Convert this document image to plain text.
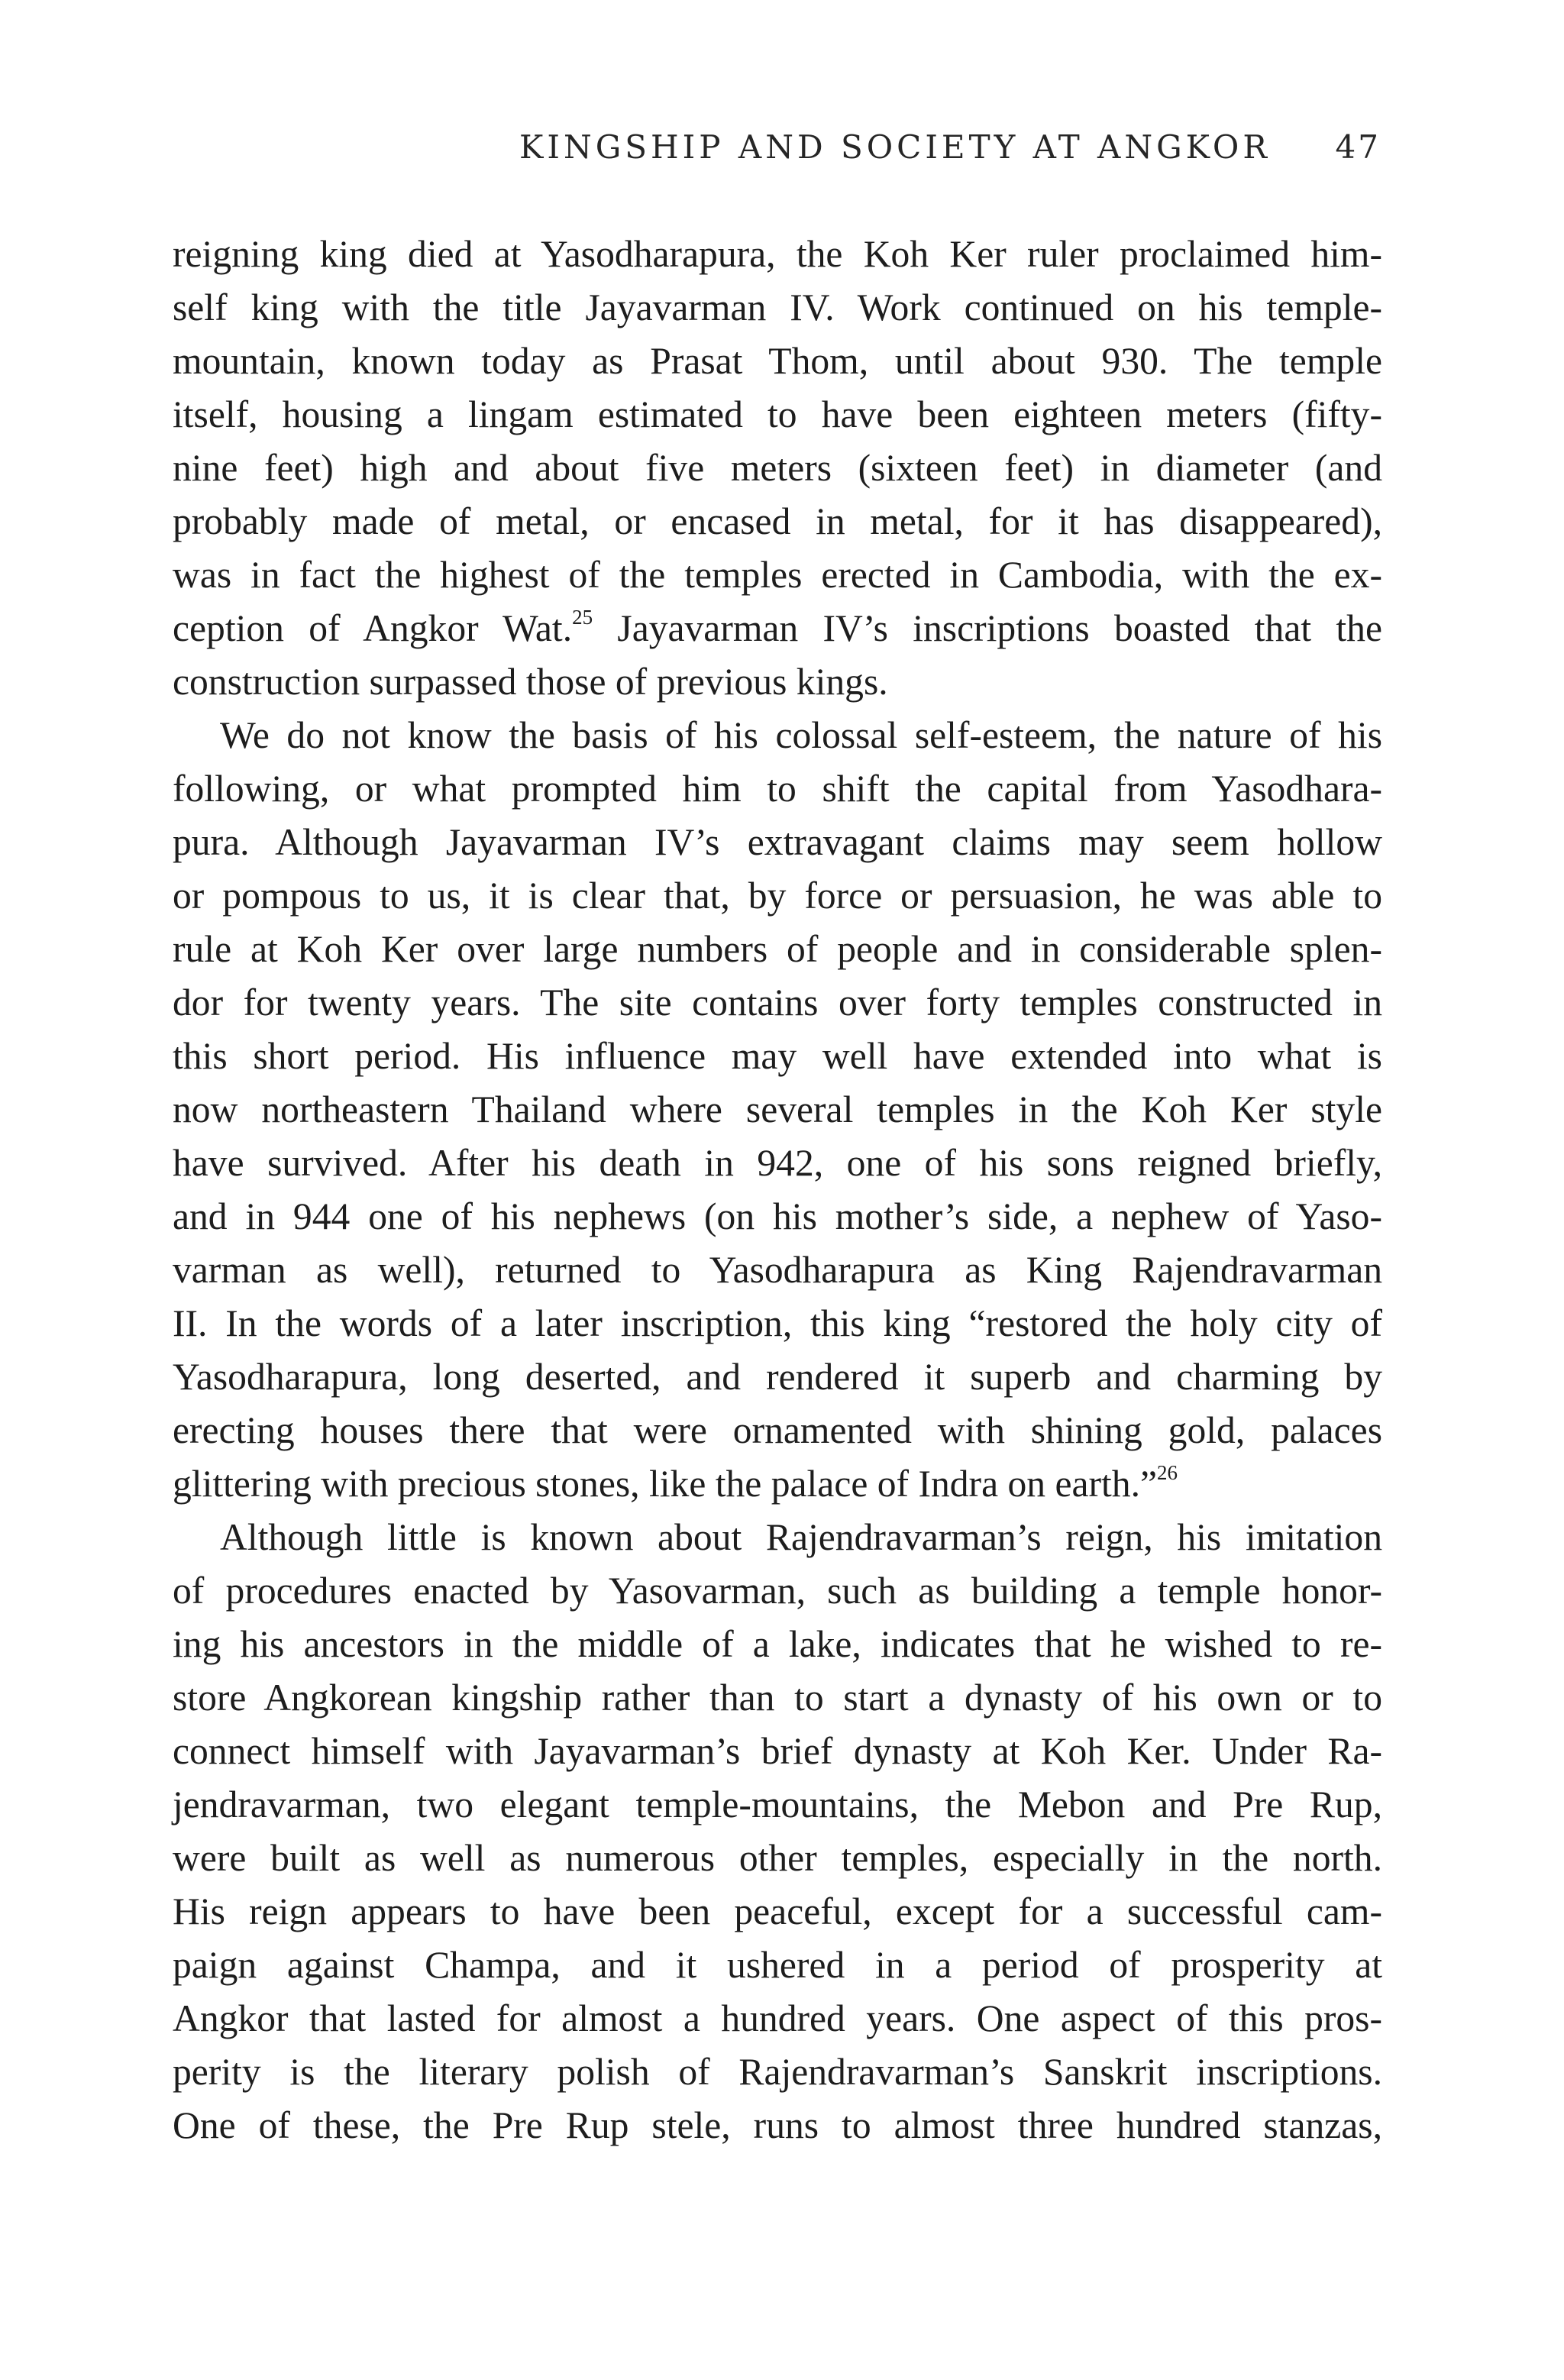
KINGSHIP AND SOCIETY AT ANGKOR 47
reigning king died at Yasodharapura, the Koh Ker ruler proclaimed him-
self king with the title Jayavarman IV. Work continued on his temple-
mountain, known today as Prasat Thom, until about 930. The temple
itself, housing a lingam estimated to have been eighteen meters (fifty-
nine feet) high and about five meters (sixteen feet) in diameter (and
probably made of metal, or encased in metal, for it has disappeared),
was in fact the highest of the temples erected in Cambodia, with the ex-
ception of Angkor Wat.$^{25}$ Jayavarman IV’s inscriptions boasted that the
construction surpassed those of previous kings.
We do not know the basis of his colossal self-esteem, the nature of his
following, or what prompted him to shift the capital from Yasodhara-
pura. Although Jayavarman IV’s extravagant claims may seem hollow
or pompous to us, it is clear that, by force or persuasion, he was able to
rule at Koh Ker over large numbers of people and in considerable splen-
dor for twenty years. The site contains over forty temples constructed in
this short period. His influence may well have extended into what is
now northeastern Thailand where several temples in the Koh Ker style
have survived. After his death in 942, one of his sons reigned briefly,
and in 944 one of his nephews (on his mother’s side, a nephew of Yaso-
varman as well), returned to Yasodharapura as King Rajendravarman
II. In the words of a later inscription, this king “restored the holy city of
Yasodharapura, long deserted, and rendered it superb and charming by
erecting houses there that were ornamented with shining gold, palaces
glittering with precious stones, like the palace of Indra on earth.”$^{26}$
Although little is known about Rajendravarman’s reign, his imitation
of procedures enacted by Yasovarman, such as building a temple honor-
ing his ancestors in the middle of a lake, indicates that he wished to re-
store Angkorean kingship rather than to start a dynasty of his own or to
connect himself with Jayavarman’s brief dynasty at Koh Ker. Under Ra-
jendravarman, two elegant temple-mountains, the Mebon and Pre Rup,
were built as well as numerous other temples, especially in the north.
His reign appears to have been peaceful, except for a successful cam-
paign against Champa, and it ushered in a period of prosperity at
Angkor that lasted for almost a hundred years. One aspect of this pros-
perity is the literary polish of Rajendravarman’s Sanskrit inscriptions.
One of these, the Pre Rup stele, runs to almost three hundred stanzas,
